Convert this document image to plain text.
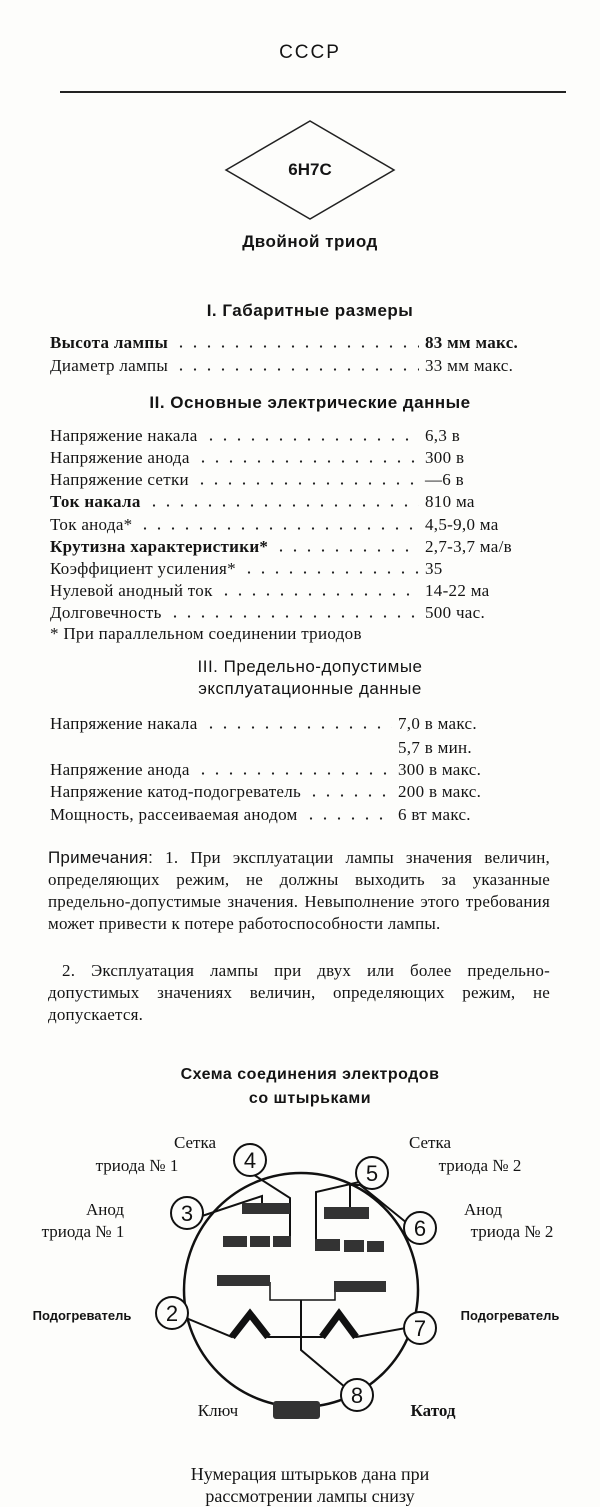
СССР
6Н7С
Двойной триод
I. Габаритные размеры
Высота лампы	83 мм макс.
Диаметр лампы	33 мм макс.
II. Основные электрические данные
Напряжение накала	6,3 в
Напряжение анода	300 в
Напряжение сетки	—6 в
Ток накала	810 ма
Ток анода*	4,5-9,0 ма
Крутизна характеристики*	2,7-3,7 ма/в
Коэффициент усиления*	35
Нулевой анодный ток	14-22 ма
Долговечность	500 час.
* При параллельном соединении триодов
III. Предельно-допустимые
эксплуатационные данные
Напряжение накала	7,0 в макс.
5,7 в мин.
Напряжение анода	300 в макс.
Напряжение катод-подогреватель	200 в макс.
Мощность, рассеиваемая анодом	6 вт макс.
Примечания: 1. При эксплуатации лампы значения величин, определяющих режим, не должны выходить за указанные предельно-допустимые значения. Невыполнение этого требования может привести к потере работоспособности лампы.
2. Эксплуатация лампы при двух или более предельно-допустимых значениях величин, определяющих режим, не допускается.
Схема соединения электродов
со штырьками
2
3
4
5
6
7
8
Сетка
триода № 1
Сетка
триода № 2
Анод
триода № 1
Анод
триода № 2
Подогреватель	Подогреватель
Ключ	Катод
Нумерация штырьков дана при
рассмотрении лампы снизу
